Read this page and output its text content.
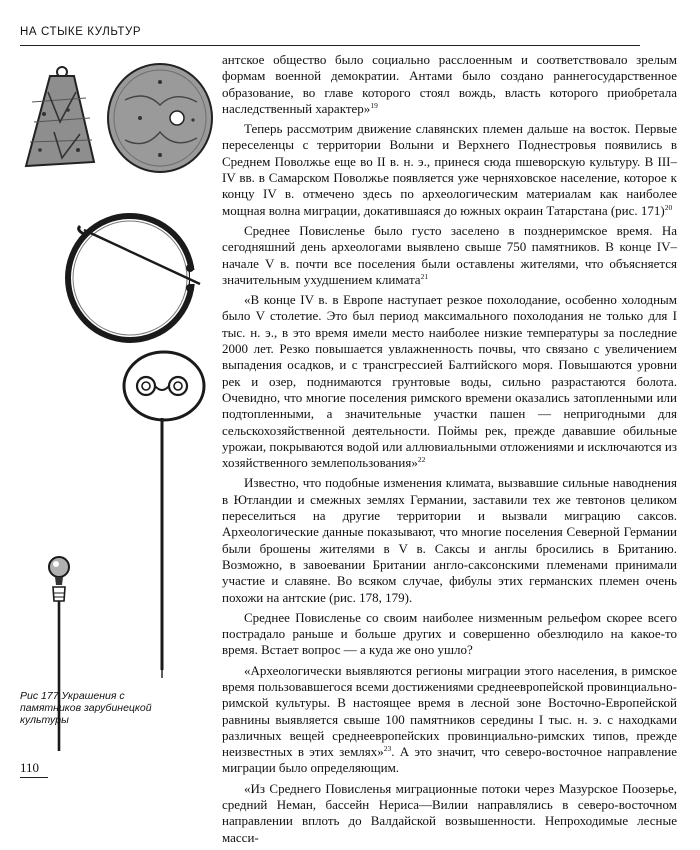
НА СТЫКЕ КУЛЬТУР
Рис 177 Украшения с
памятников зарубинецкой
культуры

антское общество было социально расслоенным и соответствовало зрелым формам военной демократии. Антами было создано раннегосударственное образование, во главе которого стоял вождь, власть которого приобретала наследственный характер»$^{19}$

Теперь рассмотрим движение славянских племен дальше на восток. Первые переселенцы с территории Волыни и Верхнего Поднестровья появились в Среднем Поволжье еще во II в. н. э., принеся сюда пшеворскую культуру. В III–IV вв. в Самарском Поволжье появляется уже черняховское население, которое к концу IV в. отмечено здесь по археологическим материалам как наиболее мощная волна миграции, докатившаяся до южных окраин Татарстана (рис. 171)$^{20}$

Среднее Повисленье было густо заселено в позднеримское время. На сегодняшний день археологами выявлено свыше 750 памятников. В конце IV–начале V в. почти все поселения были оставлены жителями, что объясняется значительным ухудшением климата$^{21}$

«В конце IV в. в Европе наступает резкое похолодание, особенно холодным было V столетие. Это был период максимального похолодания не только для I тыс. н. э., в это время имели место наиболее низкие температуры за последние 2000 лет. Резко повышается увлажненность почвы, что связано с увеличением выпадения осадков, и с трансгрессией Балтийского моря. Повышаются уровни рек и озер, поднимаются грунтовые воды, сильно разрастаются болота. Очевидно, что многие поселения римского времени оказались затопленными или подтопленными, а значительные участки пашен — непригодными для сельскохозяйственной деятельности. Поймы рек, прежде дававшие обильные урожаи, покрываются водой или аллювиальными отложениями и исключаются из хозяйственного землепользования»$^{22}$

Известно, что подобные изменения климата, вызвавшие сильные наводнения в Ютландии и смежных землях Германии, заставили тех же тевтонов целиком переселиться на другие территории и вызвали миграцию саксов. Археологические данные показывают, что многие поселения Северной Германии были брошены жителями в V в. Саксы и англы бросились в Британию. Возможно, в завоевании Британии англо-саксонскими племенами принимали участие и славяне. Во всяком случае, фибулы этих германских племен очень похожи на антские (рис. 178, 179).

Среднее Повисленье со своим наиболее низменным рельефом скорее всего пострадало раньше и больше других и совершенно обезлюдило на какое-то время. Встает вопрос — а куда же оно ушло?

«Археологически выявляются регионы миграции этого населения, в римское время пользовавшегося всеми достижениями среднеевропейской провинциально-римской культуры. В настоящее время в лесной зоне Восточно-Европейской равнины выявляется свыше 100 памятников середины I тыс. н. э. с находками различных вещей среднеевропейских провинциально-римских типов, прежде неизвестных в этих землях»$^{23}$. А это значит, что северо-восточное направление миграции было определяющим.

«Из Среднего Повисленья миграционные потоки через Мазурское Поозерье, средний Неман, бассейн Нериса—Вилии направлялись в северо-восточном направлении вплоть до Валдайской возвышенности. Непроходимые лесные масси-

110
